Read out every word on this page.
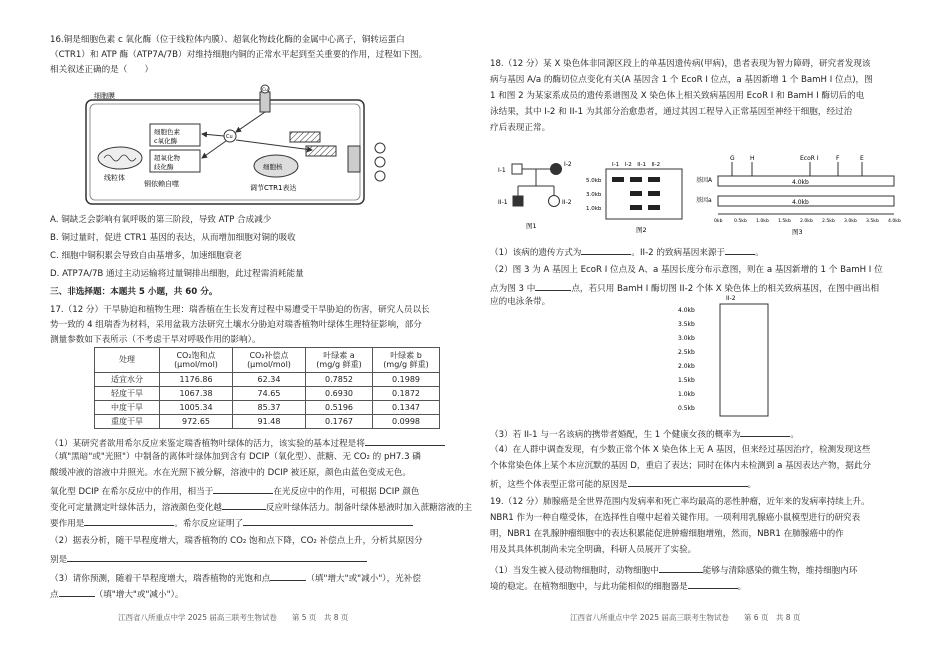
16.铜是细胞色素 c 氧化酶（位于线粒体内膜）、超氧化物歧化酶的金属中心离子，铜转运蛋白
（CTR1）和 ATP 酶（ATP7A/7B）对维持细胞内铜的正常水平起到至关重要的作用，过程如下图。
相关叙述正确的是（　　）
细胞膜
Cu
线粒体
细胞色素
c氧化酶
超氧化物
歧化酶
铜依赖自噬
Cu
细胞核
调节CTR1表达
A. 铜缺乏会影响有氧呼吸的第三阶段，导致 ATP 合成减少
B. 铜过量时，促进 CTR1 基因的表达，从而增加细胞对铜的吸收
C. 细胞中铜积累会导致自由基增多，加速细胞衰老
D. ATP7A/7B 通过主动运输将过量铜排出细胞，此过程需消耗能量
三、非选择题：本题共 5 小题，共 60 分。
17.（12 分）干旱胁迫和植物生理：瑞香植在生长发育过程中易遭受干旱胁迫的伤害，研究人员以长
势一致的 4 组瑞香为材料，采用盆栽方法研究土壤水分胁迫对瑞香植物叶绿体生理特征影响，部分
测量参数如下表所示（不考虑干旱对呼吸作用的影响）。
处理	CO₂饱和点
(μmol/mol)	CO₂补偿点
(μmol/mol)	叶绿素 a
(mg/g 鲜重)	叶绿素 b
(mg/g 鲜重)
适宜水分	1176.86	62.34	0.7852	0.1989
轻度干旱	1067.38	74.65	0.6930	0.1872
中度干旱	1005.34	85.37	0.5196	0.1347
重度干旱	972.65	91.48	0.1767	0.0998
（1）某研究者欲用希尔反应来鉴定瑞香植物叶绿体的活力，该实验的基本过程是将
（填"黑暗"或"光照"）中制备的离体叶绿体加到含有 DCIP（氧化型）、蔗糖、无 CO₂ 的 pH7.3 磷
酸缓冲液的溶液中并照光。水在光照下被分解，溶液中的 DCIP 被还原，颜色由蓝色变成无色。
氧化型 DCIP 在希尔反应中的作用，相当于	在光反应中的作用，可根据 DCIP 颜色
变化可定量测定叶绿体活力，溶液颜色变化越	反应叶绿体活力。制备叶绿体悬液时加入蔗糖溶液的主
要作用是	。希尔反应证明了
（2）据表分析，随干旱程度增大，瑞香植物的 CO₂ 饱和点下降，CO₂ 补偿点上升，分析其原因分
别是
（3）请你预测，随着干旱程度增大，瑞香植物的光饱和点	（填"增大"或"减小"），光补偿
点	（填"增大"或"减小"）。
江西省八所重点中学 2025 届高三联考生物试卷　　第 5 页　共 8 页
18.（12 分）某 X 染色体非同源区段上的单基因遗传病(甲病)，患者表现为智力障碍，研究者发现该
病与基因 A/a 的酶切位点变化有关(A 基因含 1 个 EcoR I 位点，a 基因新增 1 个 BamH I 位点)，图
1 和图 2 为某家系成员的遗传系谱图及 X 染色体上相关致病基因用 EcoR I 和 BamH I 酶切后的电
泳结果，其中 I-2 和 II-1 为其部分治愈患者，通过其因工程导入正常基因至神经干细胞，经过治
疗后表现正常。
I-1
I-2
II-1	II-2
图1
I-1　I-2　II-1　II-2
5.0kb
3.0kb
1.0kb
图2
G	H	EcoR I	F	E
基因A	4.0kb
基因a	4.0kb
0kb	0.5kb 1.0kb 1.5kb 2.0kb 2.5kb 3.0kb 3.5kb 4.0kb
图3
（1）该病的遗传方式为	。II-2 的致病基因来源于	。
（2）图 3 为 A 基因上 EcoR I 位点及 A、a 基因长度分布示意图，则在 a 基因新增的 1 个 BamH I 位
点为图 3 中	点，若只用 BamH I 酶切图 II-2 个体 X 染色体上的相关致病基因，在图中画出相
应的电泳条带。	II-2
4.0kb
3.5kb
3.0kb
2.5kb
2.0kb
1.5kb
1.0kb
0.5kb
（3）若 II-1 与一名该病的携带者婚配，生 1 个健康女孩的概率为	。
（4）在人群中调查发现，有少数正常个体 X 染色体上无 A 基因，但来经过基因治疗，检测发现这些
个体常染色体上某个本应沉默的基因 D，重启了表达；同时在体内未检测到 a 基因表达产物，据此分
析，这些个体表型正常可能的原因是	。
19.（12 分）肺腺癌是全世界范围内发病率和死亡率均最高的恶性肿瘤，近年来的发病率持续上升。
NBR1 作为一种自噬受体，在选择性自噬中起着关键作用。一项利用乳腺癌小鼠模型进行的研究表
明，NBR1 在乳腺肿瘤细胞中的表达积累能促进肿瘤细胞增殖，然而，NBR1 在肺腺癌中的作
用及其具体机制尚未完全明确，科研人员展开了实验。
（1）当发生被入侵动物细胞时，动物细胞中	能够与清除感染的微生物，维持细胞内环
境的稳定。在植物细胞中，与此功能相似的细胞器是	。
江西省八所重点中学 2025 届高三联考生物试卷　　第 6 页　共 8 页
